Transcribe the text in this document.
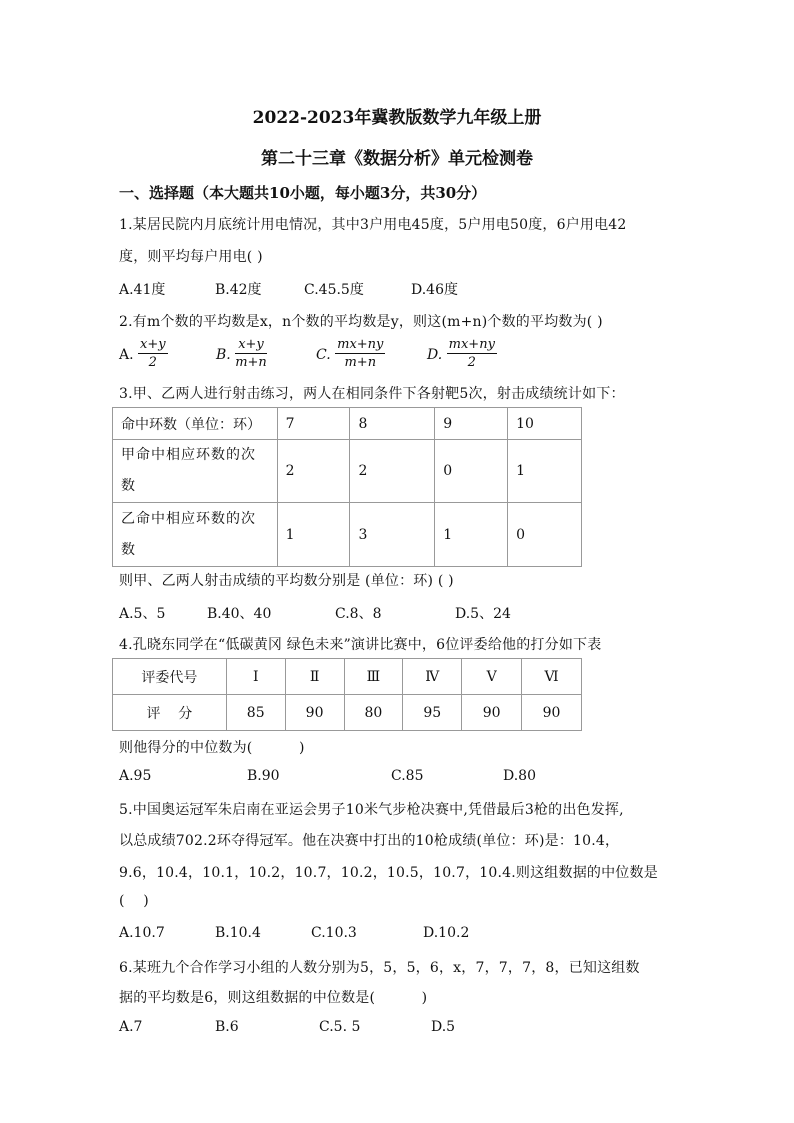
2022-2023年冀教版数学九年级上册
第二十三章《数据分析》单元检测卷
一、选择题（本大题共10小题，每小题3分，共30分）
1.某居民院内月底统计用电情况，其中3户用电45度，5户用电50度，6户用电42
度，则平均每户用电( )
A.41度	B.42度	C.45.5度	D.46度
2.有m个数的平均数是x，n个数的平均数是y，则这(m+n)个数的平均数为( )
A. $\frac{x+y}{2}$	B. $\frac{x+y}{m+n}$	C. $\frac{mx+ny}{m+n}$	D. $\frac{mx+ny}{2}$
3.甲、乙两人进行射击练习，两人在相同条件下各射靶5次，射击成绩统计如下：
命中环数（单位：环）	7	8	9	10
甲命中相应环数的次数	2	2	0	1
乙命中相应环数的次数	1	3	1	0
则甲、乙两人射击成绩的平均数分别是 (单位：环) ( )
A.5、5	B.40、40	C.8、8	D.5、24
4.孔晓东同学在“低碳黄冈 绿色未来”演讲比赛中，6位评委给他的打分如下表
评委代号	Ⅰ	Ⅱ	Ⅲ	Ⅳ	Ⅴ	Ⅵ
评    分	85	90	80	95	90	90
则他得分的中位数为(          )
A.95	B.90	C.85	D.80
5.中国奥运冠军朱启南在亚运会男子10米气步枪决赛中,凭借最后3枪的出色发挥,
以总成绩702.2环夺得冠军。他在决赛中打出的10枪成绩(单位：环)是：10.4，
9.6，10.4，10.1，10.2，10.7，10.2，10.5，10.7，10.4.则这组数据的中位数是
(    )
A.10.7	B.10.4	C.10.3	D.10.2
6.某班九个合作学习小组的人数分别为5，5，5，6，x，7，7，7，8，已知这组数
据的平均数是6，则这组数据的中位数是(          )
A.7	B.6	C.5. 5	D.5
